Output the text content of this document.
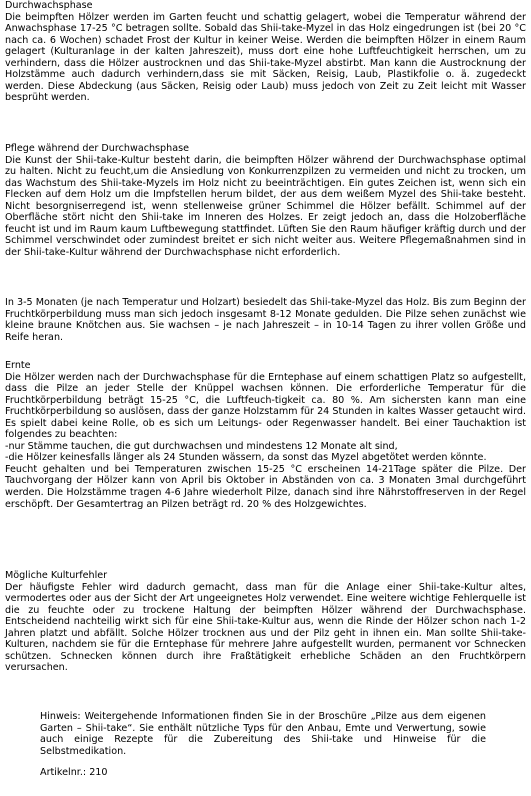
Durchwachsphase

Die beimpften Hölzer werden im Garten feucht und schattig gelagert, wobei die Temperatur während der Anwachsphase 17-25 °C betragen sollte. Sobald das Shii-take-Myzel in das Holz eingedrungen ist (bei 20 °C nach ca. 6 Wochen) schadet Frost der Kultur in keiner Weise. Werden die beimpften Hölzer in einem Raum gelagert (Kulturanlage in der kalten Jahreszeit), muss dort eine hohe Luftfeuchtigkeit herrschen, um zu verhindern, dass die Hölzer austrocknen und das Shii-take-Myzel abstirbt. Man kann die Austrocknung der Holzstämme auch dadurch verhindern,dass sie mit Säcken, Reisig, Laub, Plastikfolie o. ä. zugedeckt werden. Diese Abdeckung (aus Säcken, Reisig oder Laub) muss jedoch von Zeit zu Zeit leicht mit Wasser besprüht werden.

Pflege während der Durchwachsphase

Die Kunst der Shii-take-Kultur besteht darin, die beimpften Hölzer während der Durchwachsphase optimal zu halten. Nicht zu feucht,um die Ansiedlung von Konkurrenzpilzen zu vermeiden und nicht zu trocken, um das Wachstum des Shii-take-Myzels im Holz nicht zu beeinträchtigen. Ein gutes Zeichen ist, wenn sich ein Flecken auf dem Holz um die Impfstellen herum bildet, der aus dem weißem Myzel des Shii-take besteht. Nicht besorgniserregend ist, wenn stellenweise grüner Schimmel die Hölzer befällt. Schimmel auf der Oberfläche stört nicht den Shii-take im Inneren des Holzes. Er zeigt jedoch an, dass die Holzoberfläche feucht ist und im Raum kaum Luftbewegung stattfindet. Lüften Sie den Raum häufiger kräftig durch und der Schimmel verschwindet oder zumindest breitet er sich nicht weiter aus. Weitere Pflegemaßnahmen sind in der Shii-take-Kultur während der Durchwachsphase nicht erforderlich.

In 3-5 Monaten (je nach Temperatur und Holzart) besiedelt das Shii-take-Myzel das Holz. Bis zum Beginn der Fruchtkörperbildung muss man sich jedoch insgesamt 8-12 Monate gedulden. Die Pilze sehen zunächst wie kleine braune Knötchen aus. Sie wachsen – je nach Jahreszeit – in 10-14 Tagen zu ihrer vollen Größe und Reife heran.

Ernte

Die Hölzer werden nach der Durchwachsphase für die Erntephase auf einem schattigen Platz so aufgestellt, dass die Pilze an jeder Stelle der Knüppel wachsen können. Die erforderliche Temperatur für die Fruchtkörperbildung beträgt 15-25 °C, die Luftfeuch-tigkeit ca. 80 %. Am sichersten kann man eine Fruchtkörperbildung so auslösen, dass der ganze Holzstamm für 24 Stunden in kaltes Wasser getaucht wird. Es spielt dabei keine Rolle, ob es sich um Leitungs- oder Regenwasser handelt. Bei einer Tauchaktion ist folgendes zu beachten:

-nur Stämme tauchen, die gut durchwachsen und mindestens 12 Monate alt sind,

-die Hölzer keinesfalls länger als 24 Stunden wässern, da sonst das Myzel abgetötet werden könnte.

Feucht gehalten und bei Temperaturen zwischen 15-25 °C erscheinen 14-21Tage später die Pilze. Der Tauchvorgang der Hölzer kann von April bis Oktober in Abständen von ca. 3 Monaten 3mal durchgeführt werden. Die Holzstämme tragen 4-6 Jahre wiederholt Pilze, danach sind ihre Nährstoffreserven in der Regel erschöpft. Der Gesamtertrag an Pilzen beträgt rd. 20 % des Holzgewichtes.

Mögliche Kulturfehler

Der häufigste Fehler wird dadurch gemacht, dass man für die Anlage einer Shii-take-Kultur altes, vermodertes oder aus der Sicht der Art ungeeignetes Holz verwendet. Eine weitere wichtige Fehlerquelle ist die zu feuchte oder zu trockene Haltung der beimpften Hölzer während der Durchwachsphase. Entscheidend nachteilig wirkt sich für eine Shii-take-Kultur aus, wenn die Rinde der Hölzer schon nach 1-2 Jahren platzt und abfällt. Solche Hölzer trocknen aus und der Pilz geht in ihnen ein. Man sollte Shii-take-Kulturen, nachdem sie für die Erntephase für mehrere Jahre aufgestellt wurden, permanent vor Schnecken schützen. Schnecken können durch ihre Fraßtätigkeit erhebliche Schäden an den Fruchtkörpern verursachen.

Hinweis: Weitergehende Informationen finden Sie in der Broschüre „Pilze aus dem eigenen Garten – Shii-take“. Sie enthält nützliche Typs für den Anbau, Emte und Verwertung, sowie auch einige Rezepte für die Zubereitung des Shii-take und Hinweise für die Selbstmedikation.

Artikelnr.: 210
